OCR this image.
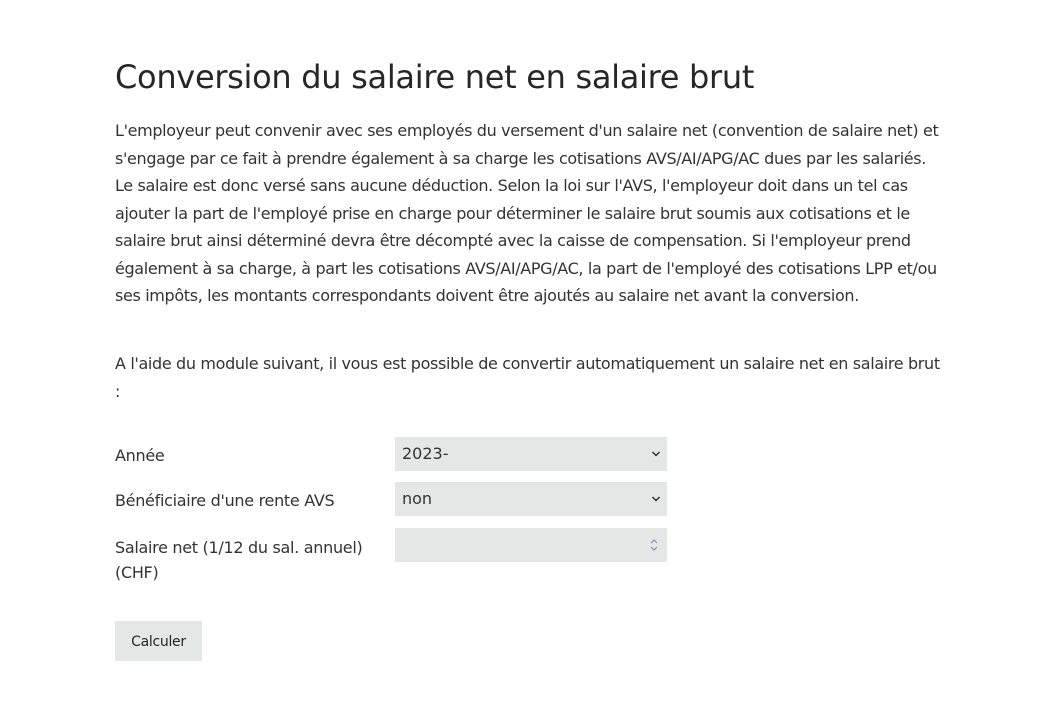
Conversion du salaire net en salaire brut

L'employeur peut convenir avec ses employés du versement d'un salaire net (convention de salaire net) et s'engage par ce fait à prendre également à sa charge les cotisations AVS/AI/APG/AC dues par les salariés. Le salaire est donc versé sans aucune déduction. Selon la loi sur l'AVS, l'employeur doit dans un tel cas ajouter la part de l'employé prise en charge pour déterminer le salaire brut soumis aux cotisations et le salaire brut ainsi déterminé devra être décompté avec la caisse de compensation. Si l'employeur prend également à sa charge, à part les cotisations AVS/AI/APG/AC, la part de l'employé des cotisations LPP et/ou ses impôts, les montants correspondants doivent être ajoutés au salaire net avant la conversion.

A l'aide du module suivant, il vous est possible de convertir automatiquement un salaire net en salaire brut :

Année	2023-
Bénéficiaire d'une rente AVS	non
Salaire net (1/12 du sal. annuel) (CHF)
Calculer
